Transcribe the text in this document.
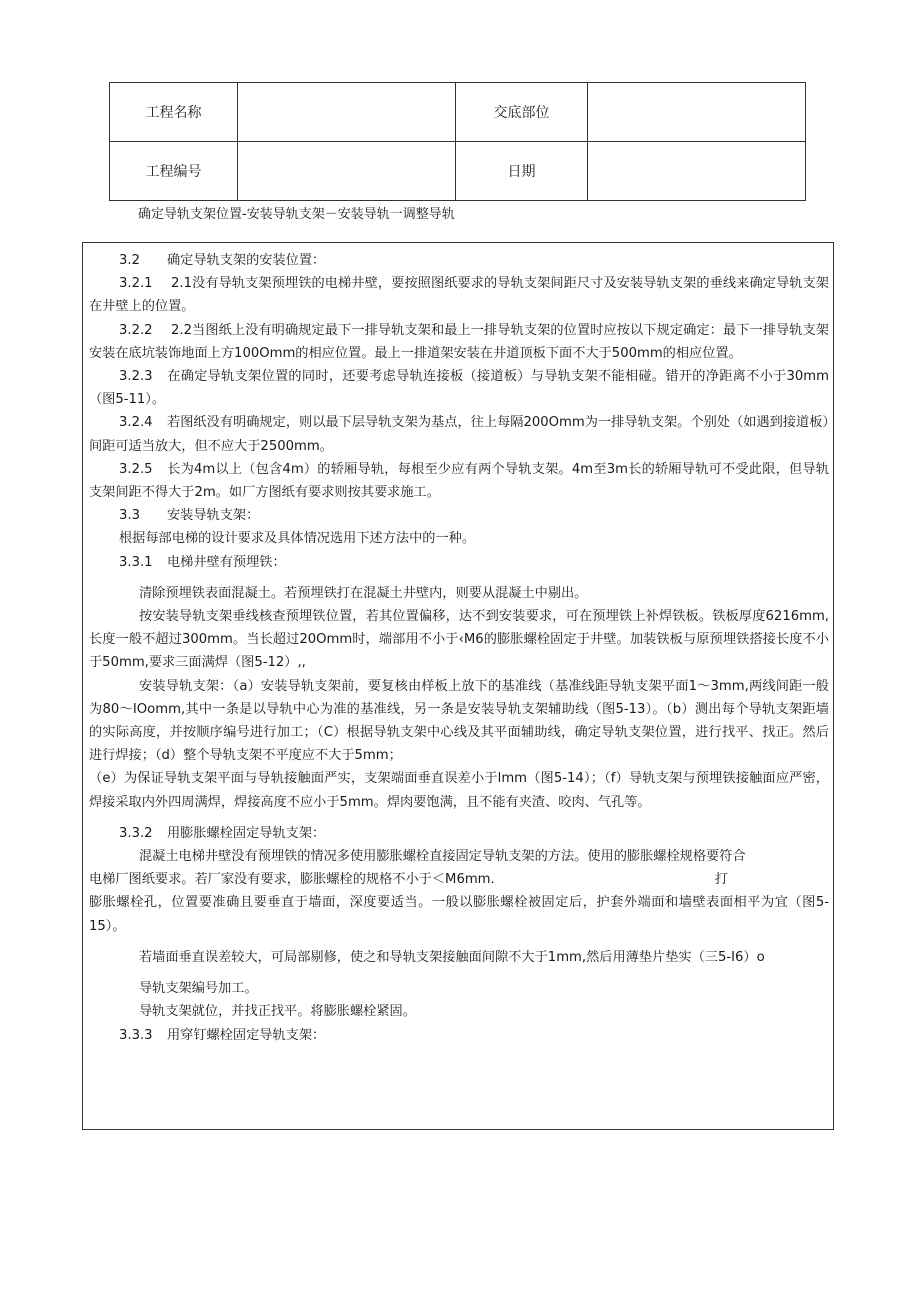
工程名称		交底部位	
工程编号		日期	
确定导轨支架位置-安装导轨支架－安装导轨一调整导轨

3.2 确定导轨支架的安装位置：

3.2.1 2.1没有导轨支架预埋铁的电梯井壁，要按照图纸要求的导轨支架间距尺寸及安装导轨支架的垂线来确定导轨支架在井壁上的位置。

3.2.2 2.2当图纸上没有明确规定最下一排导轨支架和最上一排导轨支架的位置时应按以下规定确定：最下一排导轨支架安装在底坑装饰地面上方100Omm的相应位置。最上一排道架安装在井道顶板下面不大于500mm的相应位置。

3.2.3 在确定导轨支架位置的同时，还要考虑导轨连接板（接道板）与导轨支架不能相碰。错开的净距离不小于30mm（图5-11）。

3.2.4 若图纸没有明确规定，则以最下层导轨支架为基点，往上每隔200Omm为一排导轨支架。个别处（如遇到接道板）间距可适当放大，但不应大于2500mm。

3.2.5 长为4m以上（包含4m）的轿厢导轨，每根至少应有两个导轨支架。4m至3m长的轿厢导轨可不受此限，但导轨支架间距不得大于2m。如厂方图纸有要求则按其要求施工。

3.3 安装导轨支架：

根据每部电梯的设计要求及具体情况选用下述方法中的一种。

3.3.1 电梯井壁有预埋铁：

清除预埋铁表面混凝土。若预埋铁打在混凝土井壁内，则要从混凝土中剔出。

按安装导轨支架垂线核查预埋铁位置，若其位置偏移，达不到安装要求，可在预埋铁上补焊铁板。铁板厚度6216mm,长度一般不超过300mm。当长超过20Omm时，端部用不小于‹M6的膨胀螺栓固定于井壁。加装铁板与原预埋铁搭接长度不小于50mm,要求三面满焊（图5-12）,,

安装导轨支架：（a）安装导轨支架前，要复核由样板上放下的基准线（基准线距导轨支架平面1～3mm,两线间距一般为80～IOomm,其中一条是以导轨中心为准的基准线，另一条是安装导轨支架辅助线（图5-13）。（b）测出每个导轨支架距墙的实际高度，并按顺序编号进行加工；（C）根据导轨支架中心线及其平面辅助线，确定导轨支架位置，进行找平、找正。然后进行焊接；（d）整个导轨支架不平度应不大于5mm；

（e）为保证导轨支架平面与导轨接触面严实，支架端面垂直误差小于lmm（图5-14）；（f）导轨支架与预埋铁接触面应严密，焊接采取内外四周满焊，焊接高度不应小于5mm。焊肉要饱满，且不能有夹渣、咬肉、气孔等。

3.3.2 用膨胀螺栓固定导轨支架：

混凝土电梯井壁没有预埋铁的情况多使用膨胀螺栓直接固定导轨支架的方法。使用的膨胀螺栓规格要符合

电梯厂图纸要求。若厂家没有要求，膨胀螺栓的规格不小于＜M6mm.	打

膨胀螺栓孔，位置要准确且要垂直于墙面，深度要适当。一般以膨胀螺栓被固定后，护套外端面和墙壁表面相平为宜（图5-15）。

若墙面垂直误差较大，可局部剔修，使之和导轨支架接触面间隙不大于1mm,然后用薄垫片垫实（三5-I6）o

导轨支架编号加工。

导轨支架就位，并找正找平。将膨胀螺栓紧固。

3.3.3 用穿钉螺栓固定导轨支架：
